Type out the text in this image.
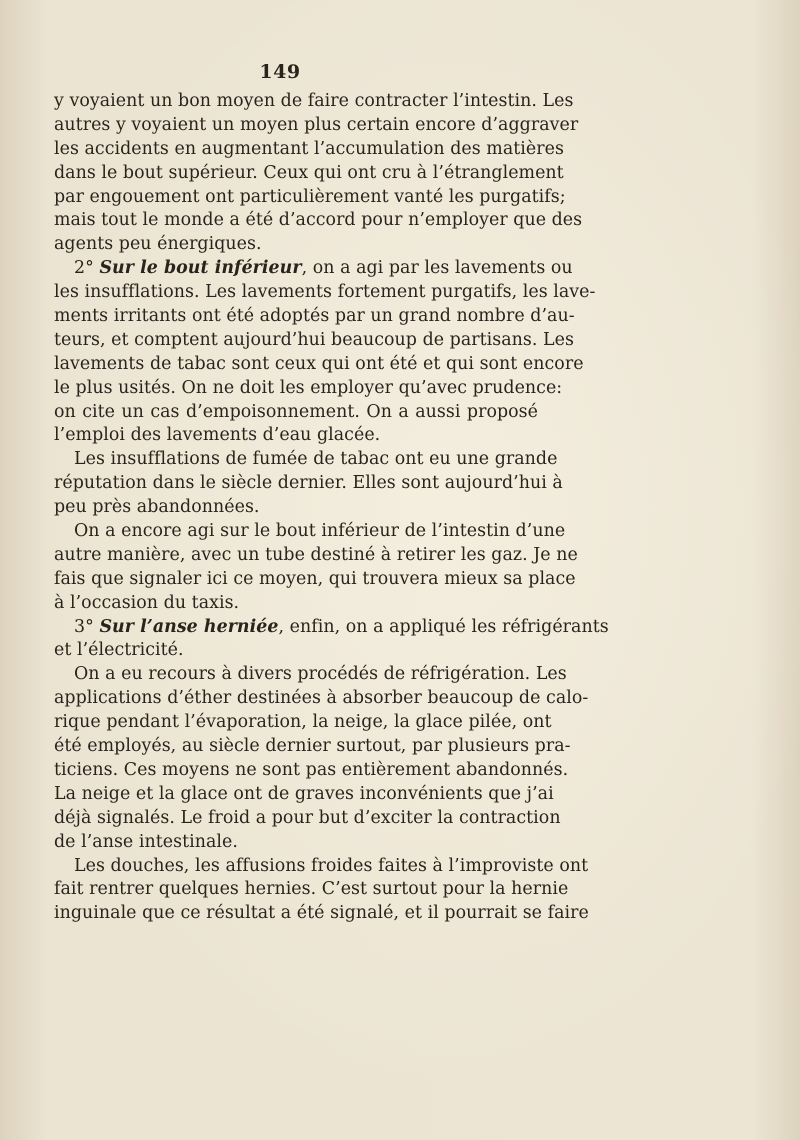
149
y voyaient un bon moyen de faire contracter l’intestin. Les
autres y voyaient un moyen plus certain encore d’aggraver
les accidents en augmentant l’accumulation des matières
dans le bout supérieur. Ceux qui ont cru à l’étranglement
par engouement ont particulièrement vanté les purgatifs;
mais tout le monde a été d’accord pour n’employer que des
agents peu énergiques.
2° Sur le bout inférieur, on a agi par les lavements ou
les insufflations. Les lavements fortement purgatifs, les lave-
ments irritants ont été adoptés par un grand nombre d’au-
teurs, et comptent aujourd’hui beaucoup de partisans. Les
lavements de tabac sont ceux qui ont été et qui sont encore
le plus usités. On ne doit les employer qu’avec prudence:
on cite un cas d’empoisonnement. On a aussi proposé
l’emploi des lavements d’eau glacée.
Les insufflations de fumée de tabac ont eu une grande
réputation dans le siècle dernier. Elles sont aujourd’hui à
peu près abandonnées.
On a encore agi sur le bout inférieur de l’intestin d’une
autre manière, avec un tube destiné à retirer les gaz. Je ne
fais que signaler ici ce moyen, qui trouvera mieux sa place
à l’occasion du taxis.
3° Sur l’anse herniée, enfin, on a appliqué les réfrigérants
et l’électricité.
On a eu recours à divers procédés de réfrigération. Les
applications d’éther destinées à absorber beaucoup de calo-
rique pendant l’évaporation, la neige, la glace pilée, ont
été employés, au siècle dernier surtout, par plusieurs pra-
ticiens. Ces moyens ne sont pas entièrement abandonnés.
La neige et la glace ont de graves inconvénients que j’ai
déjà signalés. Le froid a pour but d’exciter la contraction
de l’anse intestinale.
Les douches, les affusions froides faites à l’improviste ont
fait rentrer quelques hernies. C’est surtout pour la hernie
inguinale que ce résultat a été signalé, et il pourrait se faire
